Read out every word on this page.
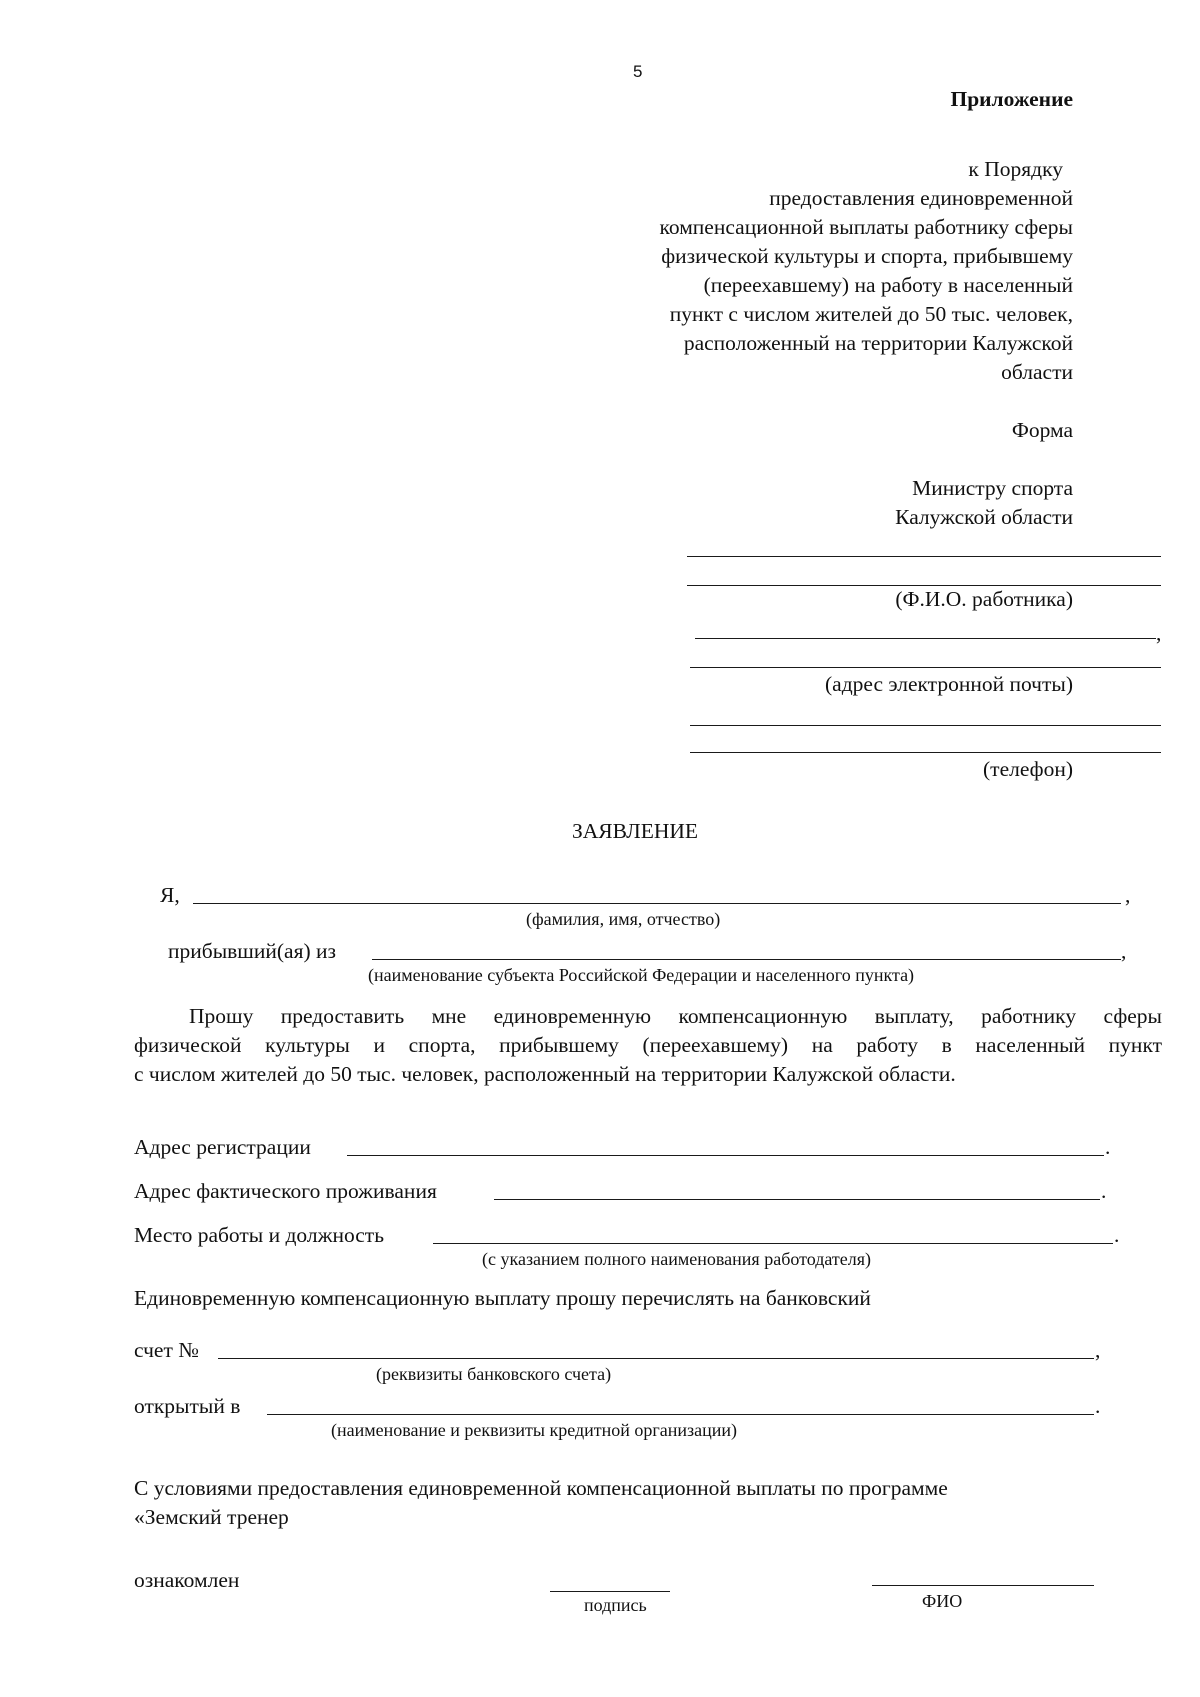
5
Приложение
к Порядку
предоставления единовременной
компенсационной выплаты работнику сферы
физической культуры и спорта, прибывшему
(переехавшему) на работу в населенный
пункт с числом жителей до 50 тыс. человек,
расположенный на территории Калужской
области
Форма
Министру спорта
Калужской области
(Ф.И.О. работника)
,
(адрес электронной почты)
(телефон)
ЗАЯВЛЕНИЕ
Я,	,
(фамилия, имя, отчество)
прибывший(ая) из	,
(наименование субъекта Российской Федерации и населенного пункта)
Прошу предоставить мне единовременную компенсационную выплату, работнику сферы
физической культуры и спорта, прибывшему (переехавшему) на работу в населенный пункт
с числом жителей до 50 тыс. человек, расположенный на территории Калужской области.
Адрес регистрации	.
Адрес фактического проживания	.
Место работы и должность	.
(с указанием полного наименования работодателя)
Единовременную компенсационную выплату прошу перечислять на банковский
счет №	,
(реквизиты банковского счета)
открытый в	.
(наименование и реквизиты кредитной организации)
С условиями предоставления единовременной компенсационной выплаты по программе
«Земский тренер
ознакомлен
подпись	ФИО
